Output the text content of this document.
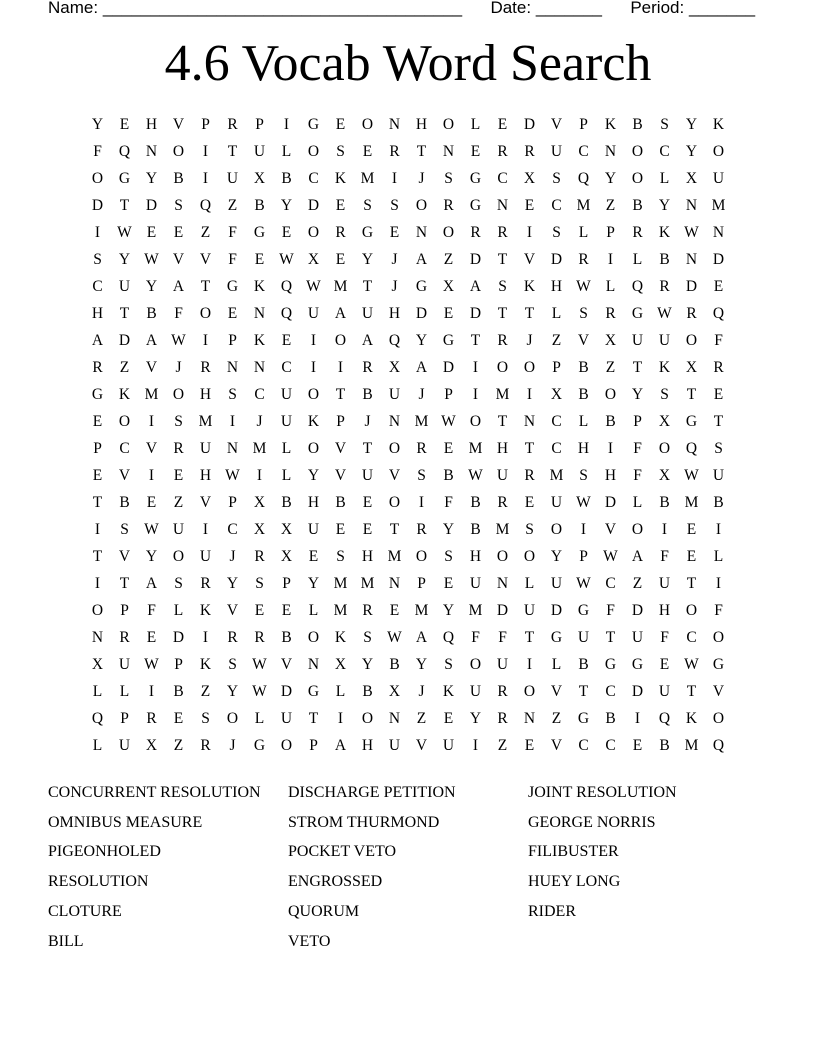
Name: ______________________________________ Date: _______ Period: _______
4.6 Vocab Word Search
Y	E	H	V	P	R	P	I	G	E	O	N	H	O	L	E	D	V	P	K	B	S	Y	K
F	Q	N	O	I	T	U	L	O	S	E	R	T	N	E	R	R	U	C	N	O	C	Y	O
O	G	Y	B	I	U	X	B	C	K M	I	J	S	G	C	X	S	Q	Y	O	L	X	U
D	T	D	S	Q	Z	B	Y	D	E	S	S	O	R	G	N	E	C M Z	B	Y	N M
I	W E	E	Z	F	G	E	O	R	G	E	N	O	R	R	I	S	L	P	R	K W N
S	Y W V	V	F	E W X	E	Y	J	A	Z	D	T	V	D	R	I	L	B	N	D
C	U	Y	A	T	G	K	Q W M T	J	G	X	A	S	K	H W L	Q	R	D	E
H	T	B	F	O	E	N	Q	U	A	U	H	D	E	D	T	T	L	S	R	G W R	Q
A	D	A W	I	P	K	E	I	O	A	Q	Y	G	T	R	J	Z	V	X	U	U	O	F
R	Z	V	J	R	N	N	C	I	I	R	X	A	D	I	O	O	P	B	Z	T	K	X	R
G	K M O	H	S	C	U	O	T	B	U	J	P	I	M	I	X	B	O	Y	S	T	E
E	O	I	S	M	I	J	U	K	P	J	N M W O	T	N	C	L	B	P	X	G	T
P	C	V	R	U	N M L	O	V	T	O	R	E M H	T	C	H	I	F	O	Q	S
E	V	I	E	H W	I	L	Y	V	U	V	S	B W U	R M	S	H	F	X W U
T	B	E	Z	V	P	X	B	H	B	E	O	I	F	B	R	E	U W D	L	B M B
I	S W U	I	C	X	X	U	E	E	T	R	Y	B M	S	O	I	V	O	I	E	I
T	V	Y	O	U	J	R	X	E	S	H M O	S	H	O	O	Y	P W A	F	E	L
I	T	A	S	R	Y	S	P	Y M M N	P	E	U	N	L	U W C	Z	U	T	I
O	P	F	L	K	V	E	E	L M R	E M Y M D	U	D	G	F	D	H	O	F
N	R	E	D	I	R	R	B	O	K	S W A	Q	F	F	T	G	U	T	U	F	C	O
X	U W P	K	S W V	N	X	Y	B	Y	S	O	U	I	L	B	G	G	E W G
L	L	I	B	Z	Y W D	G	L	B	X	J	K	U	R	O	V	T	C	D	U	T	V
Q	P	R	E	S	O	L	U	T	I	O	N	Z	E	Y	R	N	Z	G	B	I	Q	K	O
L	U	X	Z	R	J	G	O	P	A	H	U	V	U	I	Z	E	V	C	C	E	B M Q
CONCURRENT RESOLUTION	DISCHARGE PETITION	JOINT RESOLUTION
OMNIBUS MEASURE	STROM THURMOND	GEORGE NORRIS
PIGEONHOLED	POCKET VETO	FILIBUSTER
RESOLUTION	ENGROSSED	HUEY LONG
CLOTURE	QUORUM	RIDER
BILL	VETO
